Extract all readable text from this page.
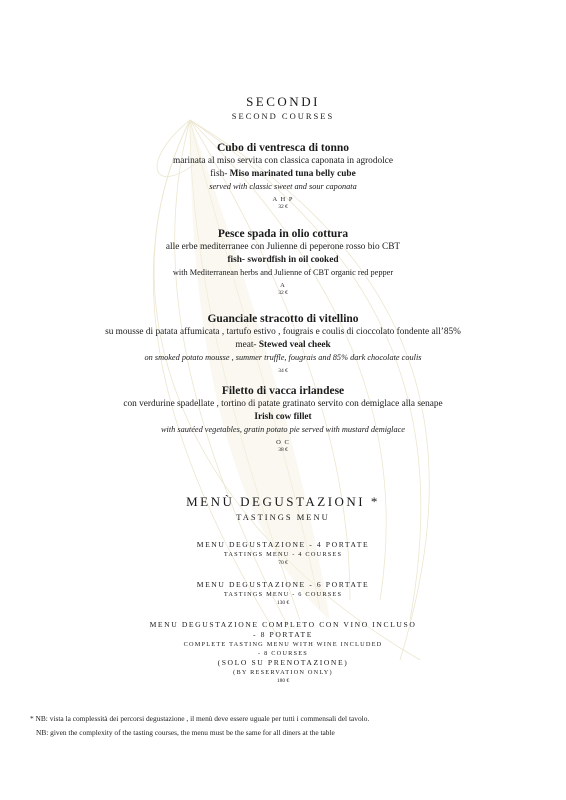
SECONDI
SECOND COURSES
Cubo di ventresca di tonno
marinata al miso servita con classica caponata in agrodolce
fish- Miso marinated tuna belly cube
served with classic sweet and sour caponata
A H P
32 €
Pesce spada in olio cottura
alle erbe mediterranee con Julienne di peperone rosso bio CBT
fish- swordfish in oil cooked
with Mediterranean herbs and Julienne of CBT organic red pepper
A
32 €
Guanciale stracotto di vitellino
su mousse di patata affumicata , tartufo estivo , fougrais e coulis di cioccolato fondente all’85%
meat- Stewed veal cheek
on smoked potato mousse , summer truffle, fougrais and 85% dark chocolate coulis
34 €
Filetto di vacca irlandese
con verdurine spadellate , tortino di patate gratinato servito con demiglace alla senape
Irish cow fillet
with sautéed vegetables, gratin potato pie served with mustard demiglace
O C
38 €
MENÙ DEGUSTAZIONI *
TASTINGS MENU
MENU DEGUSTAZIONE - 4 PORTATE
TASTINGS MENU - 4 COURSES
70 €
MENU DEGUSTAZIONE - 6 PORTATE
TASTINGS MENU - 6 COURSES
130 €
MENU DEGUSTAZIONE COMPLETO CON VINO INCLUSO
- 8 PORTATE
COMPLETE TASTING MENU WITH WINE INCLUDED
- 8 COURSES
(SOLO SU PRENOTAZIONE)
(BY RESERVATION ONLY)
180 €
* NB: vista la complessità dei percorsi degustazione , il menù deve essere uguale per tutti i commensali del tavolo.
NB: given the complexity of the tasting courses, the menu must be the same for all diners at the table
